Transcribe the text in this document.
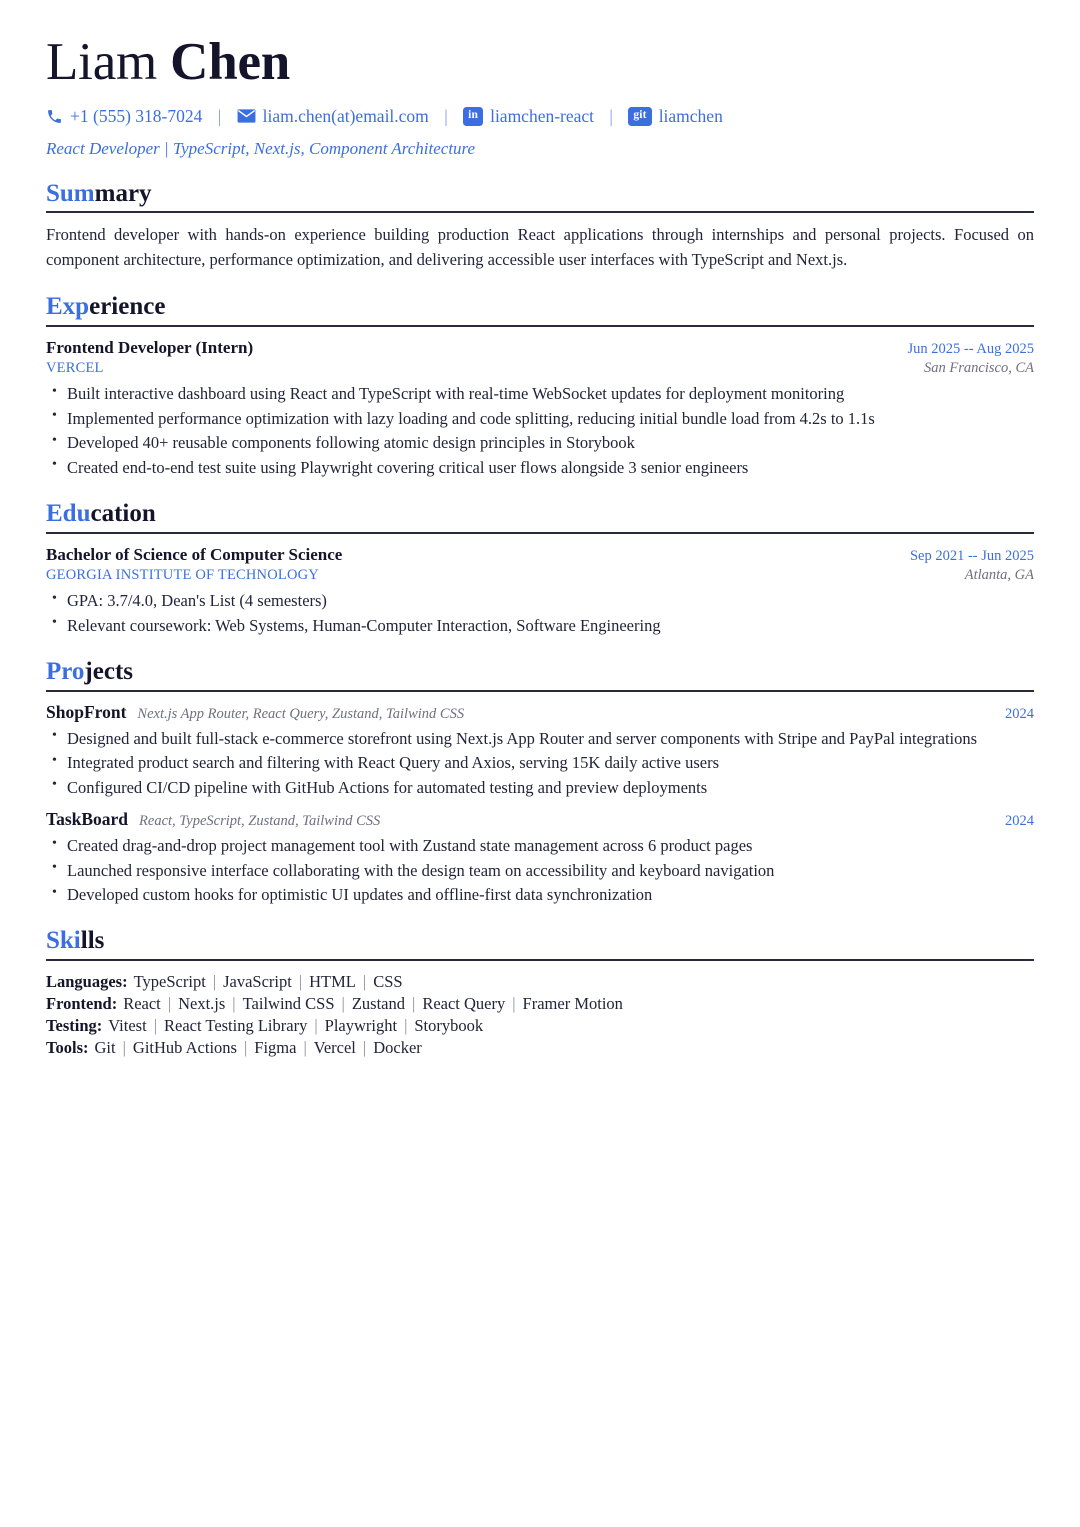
Liam Chen
+1 (555) 318-7024 | liam.chen(at)email.com |	in liamchen-react |	git liamchen
React Developer | TypeScript, Next.js, Component Architecture
Summary

Frontend developer with hands-on experience building production React applications through internships and personal projects. Focused on component architecture, performance optimization, and delivering accessible user interfaces with TypeScript and Next.js.

Experience
Frontend Developer (Intern)	Jun 2025 -- Aug 2025
VERCEL	San Francisco, CA
• Built interactive dashboard using React and TypeScript with real-time WebSocket updates for deployment monitoring
• Implemented performance optimization with lazy loading and code splitting, reducing initial bundle load from 4.2s to 1.1s
• Developed 40+ reusable components following atomic design principles in Storybook
• Created end-to-end test suite using Playwright covering critical user flows alongside 3 senior engineers
Education
Bachelor of Science of Computer Science	Sep 2021 -- Jun 2025
GEORGIA INSTITUTE OF TECHNOLOGY	Atlanta, GA
• GPA: 3.7/4.0, Dean's List (4 semesters)
• Relevant coursework: Web Systems, Human-Computer Interaction, Software Engineering
Projects
ShopFront Next.js App Router, React Query, Zustand, Tailwind CSS	2024
• Designed and built full-stack e-commerce storefront using Next.js App Router and server components with Stripe and PayPal integrations
• Integrated product search and filtering with React Query and Axios, serving 15K daily active users
• Configured CI/CD pipeline with GitHub Actions for automated testing and preview deployments
TaskBoard React, TypeScript, Zustand, Tailwind CSS	2024
• Created drag-and-drop project management tool with Zustand state management across 6 product pages
• Launched responsive interface collaborating with the design team on accessibility and keyboard navigation
• Developed custom hooks for optimistic UI updates and offline-first data synchronization
Skills
Languages: TypeScript | JavaScript | HTML | CSS
Frontend: React | Next.js | Tailwind CSS | Zustand | React Query | Framer Motion
Testing: Vitest | React Testing Library | Playwright | Storybook
Tools: Git | GitHub Actions | Figma | Vercel | Docker
